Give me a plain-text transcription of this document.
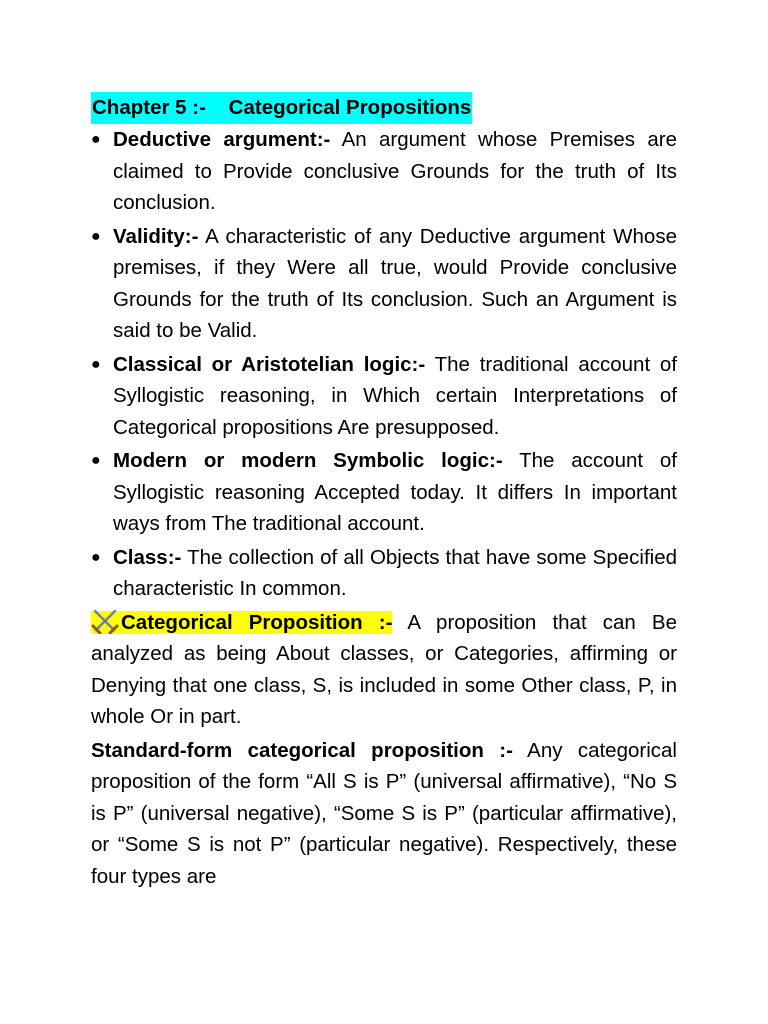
Chapter 5 :-    Categorical Propositions
● Deductive argument:- An argument whose Premises are claimed to Provide conclusive Grounds for the truth of Its conclusion.
● Validity:- A characteristic of any Deductive argument Whose premises, if they Were all true, would Provide conclusive Grounds for the truth of Its conclusion. Such an Argument is said to be Valid.
● Classical or Aristotelian logic:- The traditional account of Syllogistic reasoning, in Which certain Interpretations of Categorical propositions Are presupposed.
● Modern or modern Symbolic logic:- The account of Syllogistic reasoning Accepted today. It differs In important ways from The traditional account.
● Class:- The collection of all Objects that have some Specified characteristic In common.

Categorical Proposition :- A proposition that can Be analyzed as being About classes, or Categories, affirming or Denying that one class, S, is included in some Other class, P, in whole Or in part.

Standard-form categorical proposition :- Any categorical proposition of the form “All S is P” (universal affirmative), “No S is P” (universal negative), “Some S is P” (particular affirmative), or “Some S is not P” (particular negative). Respectively, these four types are
